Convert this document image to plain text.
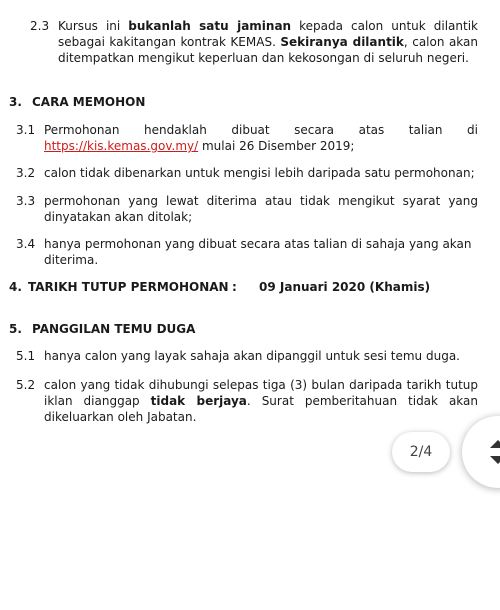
2.3 Kursus ini bukanlah satu jaminan kepada calon untuk dilantik sebagai kakitangan kontrak KEMAS. Sekiranya dilantik, calon akan ditempatkan mengikut keperluan dan kekosongan di seluruh negeri.
3. CARA MEMOHON
3.1 Permohonan hendaklah dibuat secara atas talian di https://kis.kemas.gov.my/ mulai 26 Disember 2019;
3.2 calon tidak dibenarkan untuk mengisi lebih daripada satu permohonan;
3.3 permohonan yang lewat diterima atau tidak mengikut syarat yang dinyatakan akan ditolak;
3.4 hanya permohonan yang dibuat secara atas talian di sahaja yang akan diterima.
4. TARIKH TUTUP PERMOHONAN : 09 Januari 2020 (Khamis)
5. PANGGILAN TEMU DUGA
5.1 hanya calon yang layak sahaja akan dipanggil untuk sesi temu duga.
5.2 calon yang tidak dihubungi selepas tiga (3) bulan daripada tarikh tutup iklan dianggap tidak berjaya. Surat pemberitahuan tidak akan dikeluarkan oleh Jabatan.
2/4
